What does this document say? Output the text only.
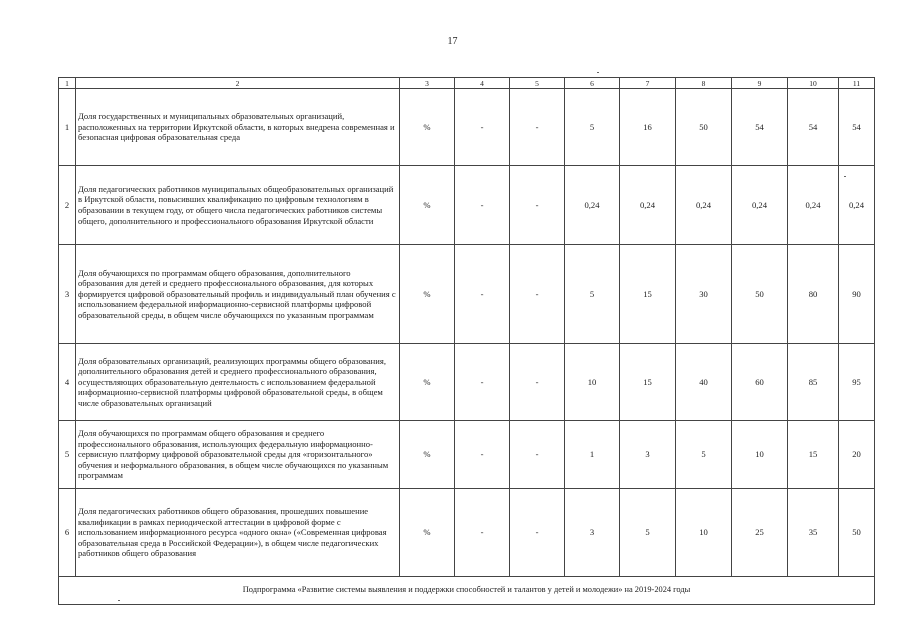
17
1	2	3	4	5	6	7	8	9	10	11
1	Доля государственных и муниципальных образовательных организаций, расположенных на территории Иркутской области, в которых внедрена современная и безопасная цифровая образовательная среда	%	-	-	5	16	50	54	54	54
2	Доля педагогических работников муниципальных общеобразовательных организаций в Иркутской области, повысивших квалификацию по цифровым технологиям в образовании в текущем году, от общего числа педагогических работников системы общего, дополнительного и профессионального образования Иркутской области	%	-	-	0,24	0,24	0,24	0,24	0,24	0,24
3	Доля обучающихся по программам общего образования, дополнительного образования для детей и среднего профессионального образования, для которых формируется цифровой образовательный профиль и индивидуальный план обучения с использованием федеральной информационно-сервисной платформы цифровой образовательной среды, в общем числе обучающихся по указанным программам	%	-	-	5	15	30	50	80	90
4	Доля образовательных организаций, реализующих программы общего образования, дополнительного образования детей и среднего профессионального образования, осуществляющих образовательную деятельность с использованием федеральной информационно-сервисной платформы цифровой образовательной среды, в общем числе образовательных организаций	%	-	-	10	15	40	60	85	95
5	Доля обучающихся по программам общего образования и среднего профессионального образования, использующих федеральную информационно-сервисную платформу цифровой образовательной среды для «горизонтального» обучения и неформального образования, в общем числе обучающихся по указанным программам	%	-	-	1	3	5	10	15	20
6	Доля педагогических работников общего образования, прошедших повышение квалификации в рамках периодической аттестации в цифровой форме с использованием информационного ресурса «одного окна» («Современная цифровая образовательная среда в Российской Федерации»), в общем числе педагогических работников общего образования	%	-	-	3	5	10	25	35	50
Подпрограмма «Развитие системы выявления и поддержки способностей и талантов у детей и молодежи» на 2019-2024 годы										
